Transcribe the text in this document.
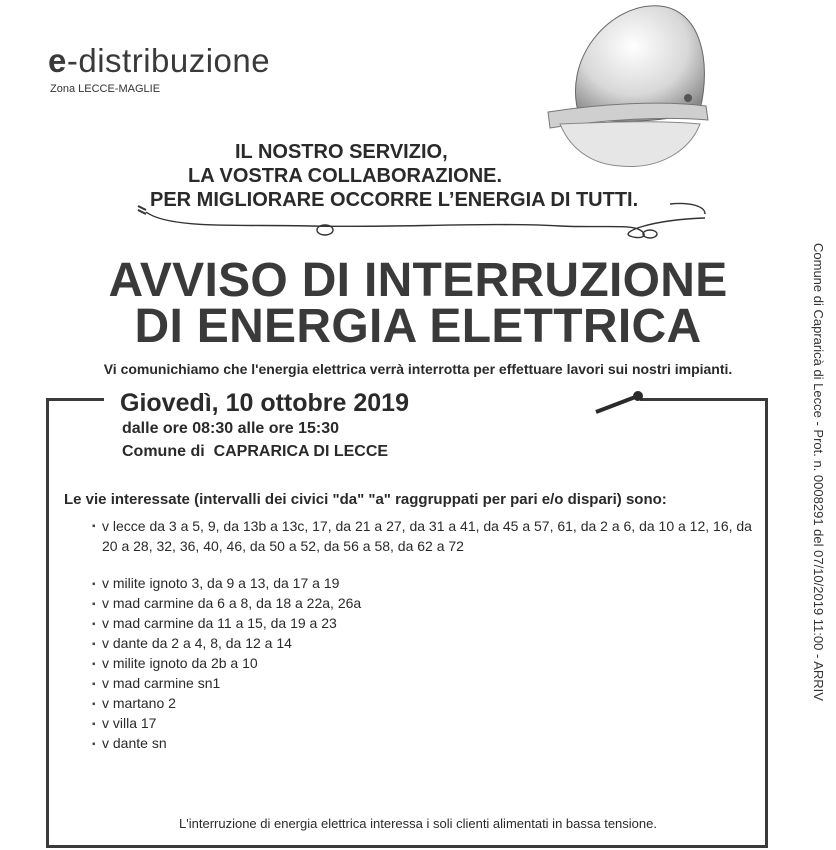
e-distribuzione
Zona LECCE-MAGLIE
IL NOSTRO SERVIZIO,
LA VOSTRA COLLABORAZIONE.
PER MIGLIORARE OCCORRE L’ENERGIA DI TUTTI.
AVVISO DI INTERRUZIONE
DI ENERGIA ELETTRICA
Vi comunichiamo che l'energia elettrica verrà interrotta per effettuare lavori sui nostri impianti.
Giovedì, 10 ottobre 2019
dalle ore 08:30 alle ore 15:30
Comune di CAPRARICA DI LECCE
Le vie interessate (intervalli dei civici "da" "a" raggruppati per pari e/o dispari) sono:
▪ v lecce da 3 a 5, 9, da 13b a 13c, 17, da 21 a 27, da 31 a 41, da 45 a 57, 61, da 2 a 6, da 10 a 12, 16, da 20 a 28, 32, 36, 40, 46, da 50 a 52, da 56 a 58, da 62 a 72
▪ v milite ignoto 3, da 9 a 13, da 17 a 19
▪ v mad carmine da 6 a 8, da 18 a 22a, 26a
▪ v mad carmine da 11 a 15, da 19 a 23
▪ v dante da 2 a 4, 8, da 12 a 14
▪ v milite ignoto da 2b a 10
▪ v mad carmine sn1
▪ v martano 2
▪ v villa 17
▪ v dante sn
L'interruzione di energia elettrica interessa i soli clienti alimentati in bassa tensione.
Comune di Capraricà di Lecce - Prot. n. 0008291 del 07/10/2019 11:00 - ARRIV
